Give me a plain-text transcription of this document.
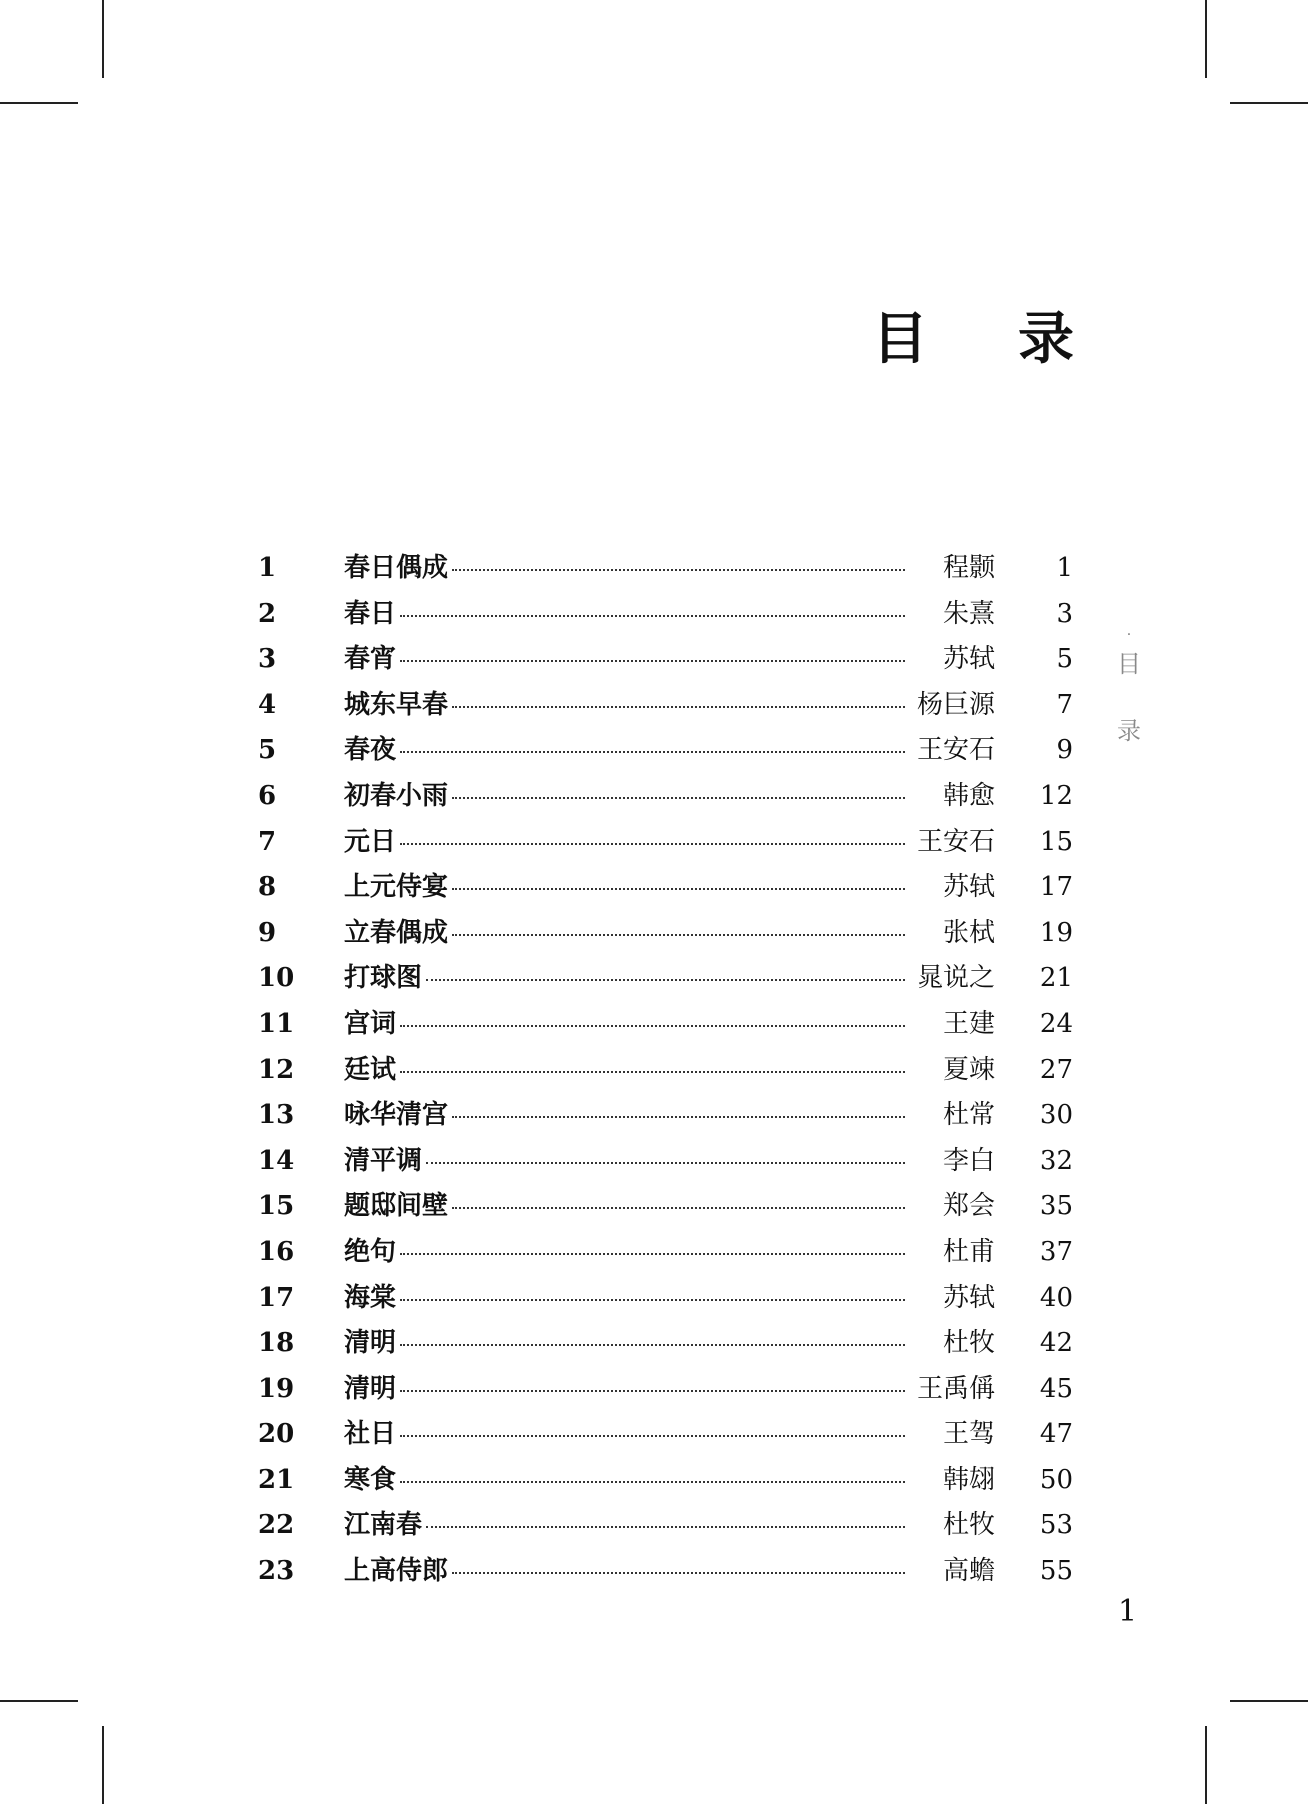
目 录
·
目
录
1	春日偶成	程颢	1
2	春日	朱熹	3
3	春宵	苏轼	5
4	城东早春	杨巨源	7
5	春夜	王安石	9
6	初春小雨	韩愈	12
7	元日	王安石	15
8	上元侍宴	苏轼	17
9	立春偶成	张栻	19
10	打球图	晁说之	21
11	宫词	王建	24
12	廷试	夏竦	27
13	咏华清宫	杜常	30
14	清平调	李白	32
15	题邸间壁	郑会	35
16	绝句	杜甫	37
17	海棠	苏轼	40
18	清明	杜牧	42
19	清明	王禹偁	45
20	社日	王驾	47
21	寒食	韩翃	50
22	江南春	杜牧	53
23	上高侍郎	高蟾	55
1
